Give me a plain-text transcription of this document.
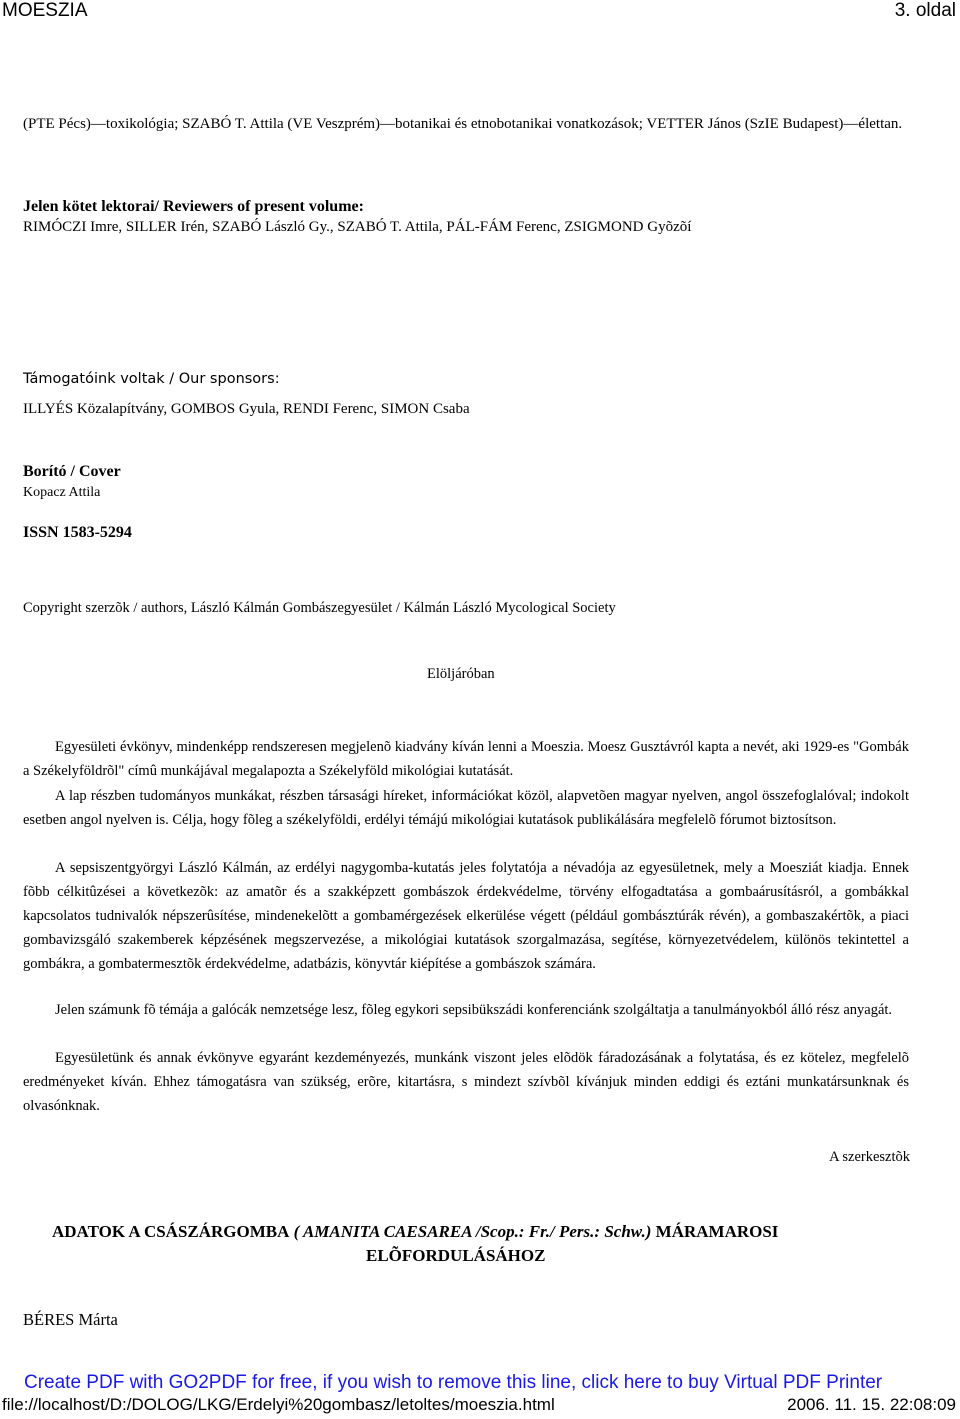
MOESZIA	3. oldal
(PTE Pécs)—toxikológia; SZABÓ T. Attila (VE Veszprém)—botanikai és etnobotanikai vonatkozások; VETTER János (SzIE Budapest)—élettan.
Jelen kötet lektorai/ Reviewers of present volume:
RIMÓCZI Imre, SILLER Irén, SZABÓ László Gy., SZABÓ T. Attila, PÁL-FÁM Ferenc, ZSIGMOND Gyõzõí
Támogatóink voltak / Our sponsors:
ILLYÉS Közalapítvány, GOMBOS Gyula, RENDI Ferenc, SIMON Csaba
Borító / Cover
Kopacz Attila
ISSN 1583-5294
Copyright szerzõk / authors, László Kálmán Gombászegyesület / Kálmán László Mycological Society
Elöljáróban
Egyesületi évkönyv, mindenképp rendszeresen megjelenõ kiadvány kíván lenni a Moeszia. Moesz Gusztávról kapta a nevét, aki 1929-es "Gombák a Székelyföldrõl" címû munkájával megalapozta a Székelyföld mikológiai kutatását.
A lap részben tudományos munkákat, részben társasági híreket, információkat közöl, alapvetõen magyar nyelven, angol összefoglalóval; indokolt esetben angol nyelven is. Célja, hogy fõleg a székelyföldi, erdélyi témájú mikológiai kutatások publikálására megfelelõ fórumot biztosítson.
A sepsiszentgyörgyi László Kálmán, az erdélyi nagygomba-kutatás jeles folytatója a névadója az egyesületnek, mely a Moesziát kiadja. Ennek fõbb célkitûzései a következõk: az amatõr és a szakképzett gombászok érdekvédelme, törvény elfogadtatása a gombaárusításról, a gombákkal kapcsolatos tudnivalók népszerûsítése, mindenekelõtt a gombamérgezések elkerülése végett (például gombásztúrák révén), a gombaszakértõk, a piaci gombavizsgáló szakemberek képzésének megszervezése, a mikológiai kutatások szorgalmazása, segítése, környezetvédelem, különös tekintettel a gombákra, a gombatermesztõk érdekvédelme, adatbázis, könyvtár kiépítése a gombászok számára.
Jelen számunk fõ témája a galócák nemzetsége lesz, fõleg egykori sepsibükszádi konferenciánk szolgáltatja a tanulmányokból álló rész anyagát.
Egyesületünk és annak évkönyve egyaránt kezdeményezés, munkánk viszont jeles elõdök fáradozásának a folytatása, és ez kötelez, megfelelõ eredményeket kíván. Ehhez támogatásra van szükség, erõre, kitartásra, s mindezt szívbõl kívánjuk minden eddigi és eztáni munkatársunknak és olvasónknak.
A szerkesztõk
ADATOK A CSÁSZÁRGOMBA ( AMANITA CAESAREA /Scop.: Fr./ Pers.: Schw.) MÁRAMAROSI
ELÕFORDULÁSÁHOZ
BÉRES Márta
Create PDF with GO2PDF for free, if you wish to remove this line, click here to buy Virtual PDF Printer
file://localhost/D:/DOLOG/LKG/Erdelyi%20gombasz/letoltes/moeszia.html	2006. 11. 15. 22:08:09
